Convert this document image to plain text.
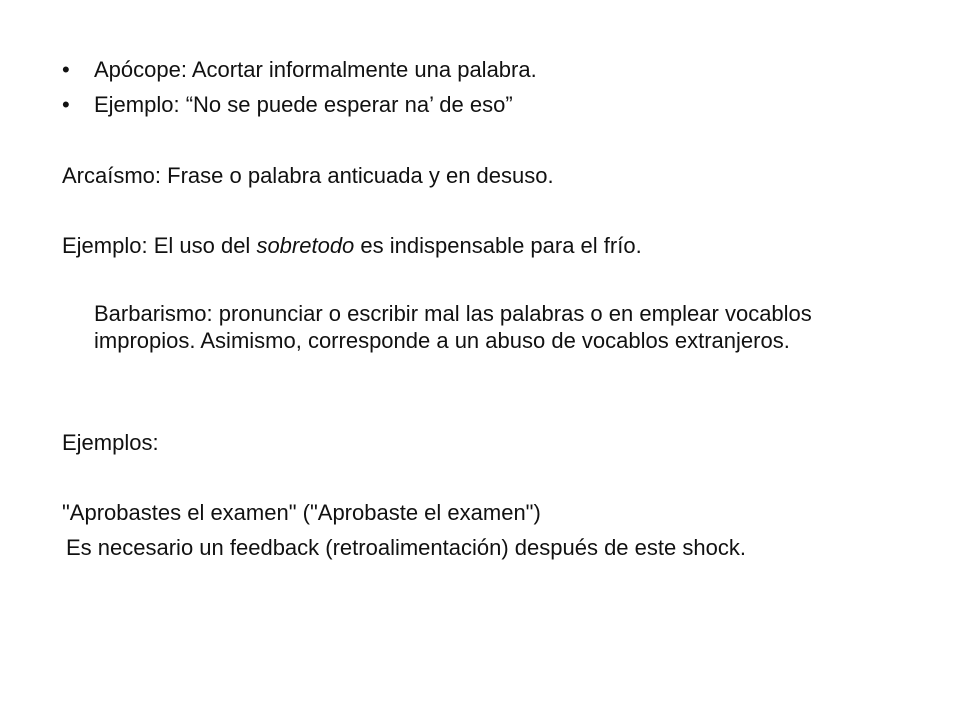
• Apócope: Acortar informalmente una palabra.
• Ejemplo: “No se puede esperar na’ de eso”
Arcaísmo: Frase o palabra anticuada y en desuso.
Ejemplo: El uso del sobretodo es indispensable para el frío.
Barbarismo: pronunciar o escribir mal las palabras o en emplear vocablos impropios. Asimismo, corresponde a un abuso de vocablos extranjeros.
Ejemplos:
"Aprobastes el examen" ("Aprobaste el examen")
Es necesario un feedback (retroalimentación) después de este shock.
